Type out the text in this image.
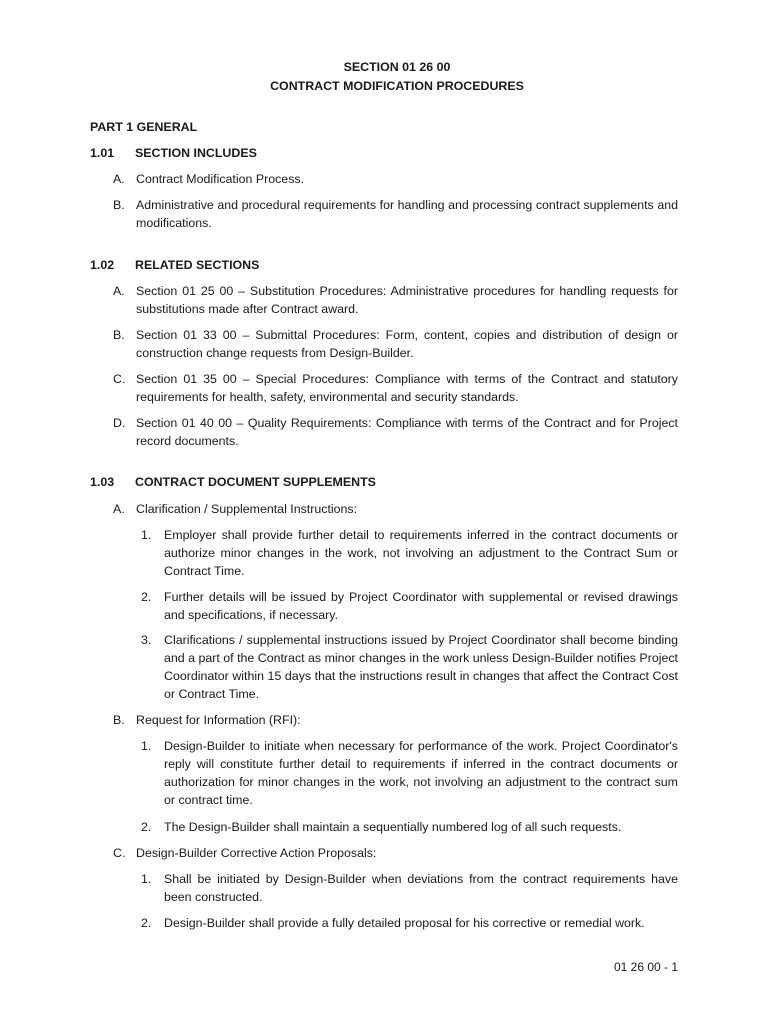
SECTION 01 26 00
CONTRACT MODIFICATION PROCEDURES
PART 1 GENERAL
1.01 SECTION INCLUDES
A. Contract Modification Process.
B. Administrative and procedural requirements for handling and processing contract supplements and modifications.
1.02 RELATED SECTIONS
A. Section 01 25 00 – Substitution Procedures: Administrative procedures for handling requests for substitutions made after Contract award.
B. Section 01 33 00 – Submittal Procedures: Form, content, copies and distribution of design or construction change requests from Design-Builder.
C. Section 01 35 00 – Special Procedures: Compliance with terms of the Contract and statutory requirements for health, safety, environmental and security standards.
D. Section 01 40 00 – Quality Requirements: Compliance with terms of the Contract and for Project record documents.
1.03 CONTRACT DOCUMENT SUPPLEMENTS
A. Clarification / Supplemental Instructions:
1.	Employer shall provide further detail to requirements inferred in the contract documents or authorize minor changes in the work, not involving an adjustment to the Contract Sum or Contract Time.
2.	Further details will be issued by Project Coordinator with supplemental or revised drawings and specifications, if necessary.
3.	Clarifications / supplemental instructions issued by Project Coordinator shall become binding and a part of the Contract as minor changes in the work unless Design-Builder notifies Project Coordinator within 15 days that the instructions result in changes that affect the Contract Cost or Contract Time.
B. Request for Information (RFI):
1.	Design-Builder to initiate when necessary for performance of the work. Project Coordinator's reply will constitute further detail to requirements if inferred in the contract documents or authorization for minor changes in the work, not involving an adjustment to the contract sum or contract time.
2.	The Design-Builder shall maintain a sequentially numbered log of all such requests.
C. Design-Builder Corrective Action Proposals:
1.	Shall be initiated by Design-Builder when deviations from the contract requirements have been constructed.
2.	Design-Builder shall provide a fully detailed proposal for his corrective or remedial work.
01 26 00 - 1
